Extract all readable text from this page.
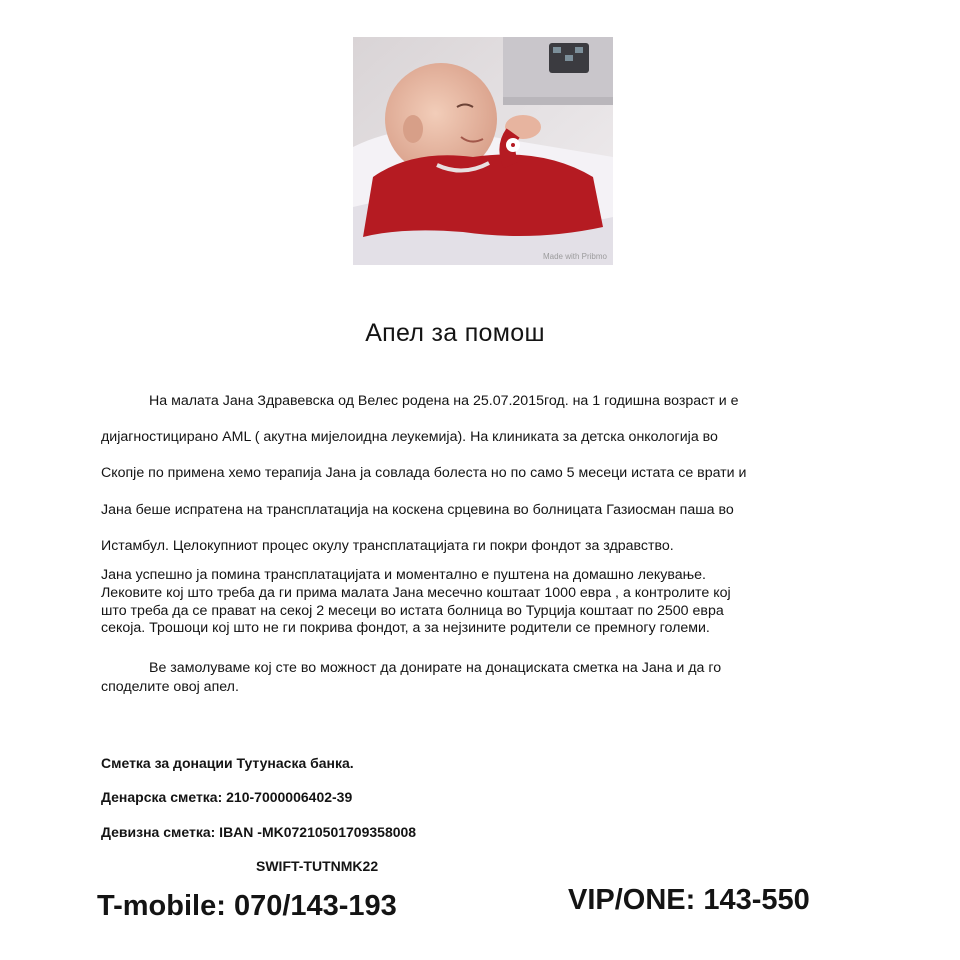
Made with Pribmo
Апел за помош
На малата Јана Здравевска од Велес родена на 25.07.2015год. на 1 годишна возраст и е
дијагностицирано AML ( акутна мијелоидна леукемија). На клиниката за детска онкологија во
Скопје по примена хемо терапија Јана ја совлада болеста но по само 5 месеци истата се врати и
Јана беше испратена на трансплатација на коскена срцевина во болницата Газиосман паша во
Истамбул. Целокупниот процес окулу трансплатацијата ги покри фондот за здравство.
Јана успешно ја помина трансплатацијата и моментално е пуштена на домашно лекување.
Лековите кој што треба да ги прима малата Јана месечно коштаат 1000 евра , а контролите кој
што треба да се прават на секој 2 месеци во истата болница во Турција коштаат по 2500 евра
секоја. Трошоци кој што не ги покрива фондот, а за нејзините родители се премногу големи.
Ве замолуваме кој сте во можност да донирате на донациската сметка на Јана и да го
споделите овој апел.
Сметка за донации Тутунаска банка.
Денарска сметка: 210-7000006402-39
Девизна сметка: IBAN -MK07210501709358008
SWIFT-TUTNMK22
T-mobile: 070/143-193	VIP/ONE: 143-550
